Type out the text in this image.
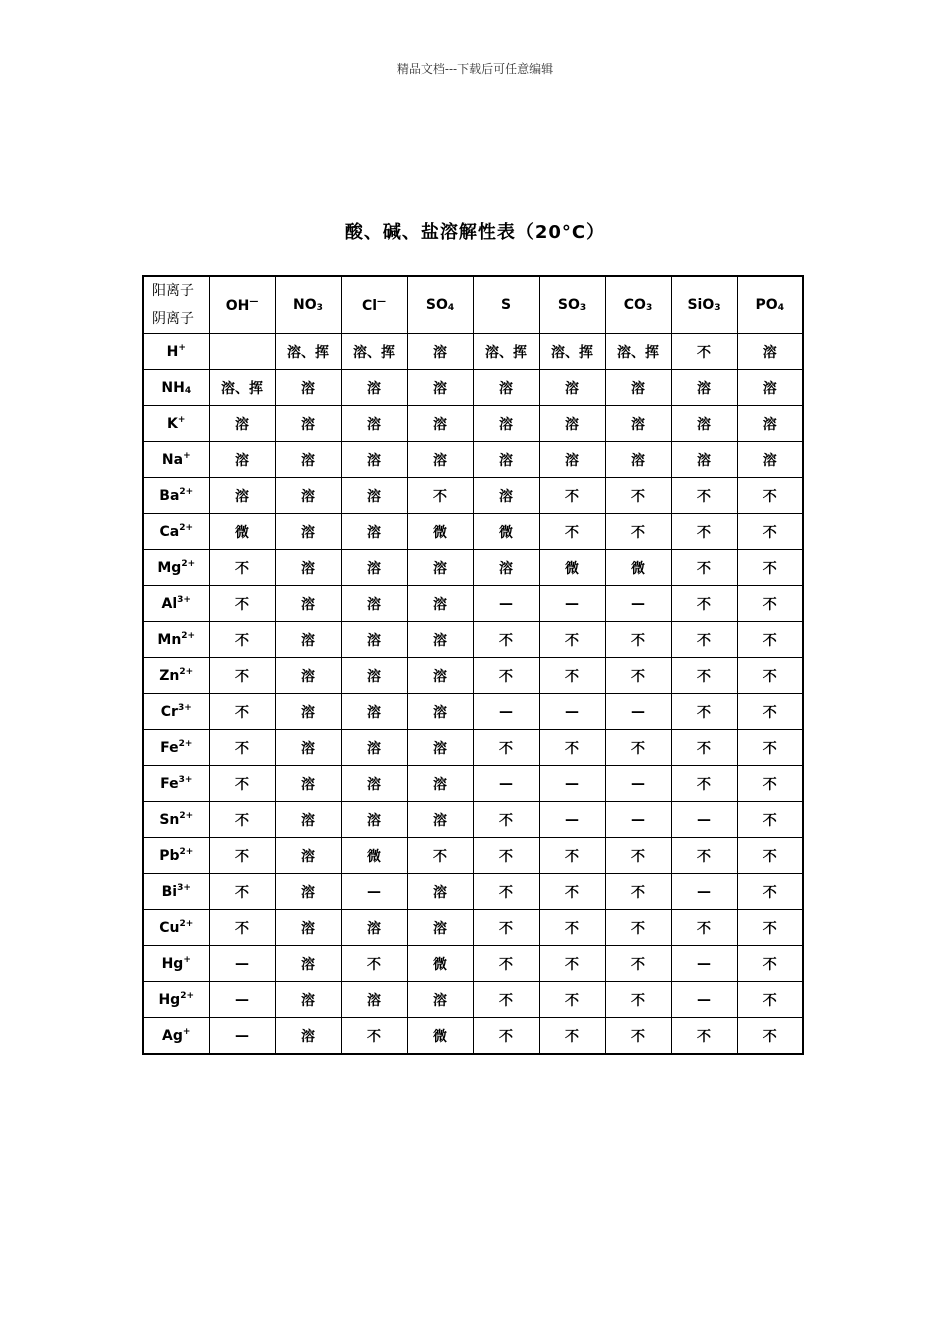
精品文档---下载后可任意编辑
酸、碱、盐溶解性表（20°C）
阳离子
阴离子	OH—	$NO_3$	Cl—	$SO_4$	S	$SO_3$	$CO_3$	SiO$_3$	$PO_4$
H+		溶、挥	溶、挥	溶	溶、挥	溶、挥	溶、挥	不	溶
$NH_4$	溶、挥	溶	溶	溶	溶	溶	溶	溶	溶
K+	溶	溶	溶	溶	溶	溶	溶	溶	溶
Na+	溶	溶	溶	溶	溶	溶	溶	溶	溶
$Ba^{2+}$	溶	溶	溶	不	溶	不	不	不	不
$Ca^{2+}$	微	溶	溶	微	微	不	不	不	不
$Mg^{2+}$	不	溶	溶	溶	溶	微	微	不	不
$Al^{3+}$	不	溶	溶	溶	—	—	—	不	不
$Mn^{2+}$	不	溶	溶	溶	不	不	不	不	不
$Zn^{2+}$	不	溶	溶	溶	不	不	不	不	不
$Cr^{3+}$	不	溶	溶	溶	—	—	—	不	不
$Fe^{2+}$	不	溶	溶	溶	不	不	不	不	不
$Fe^{3+}$	不	溶	溶	溶	—	—	—	不	不
$Sn^{2+}$	不	溶	溶	溶	不	—	—	—	不
$Pb^{2+}$	不	溶	微	不	不	不	不	不	不
$Bi^{3+}$	不	溶	—	溶	不	不	不	—	不
$Cu^{2+}$	不	溶	溶	溶	不	不	不	不	不
Hg+	—	溶	不	微	不	不	不	—	不
$Hg^{2+}$	—	溶	溶	溶	不	不	不	—	不
Ag+	—	溶	不	微	不	不	不	不	不
